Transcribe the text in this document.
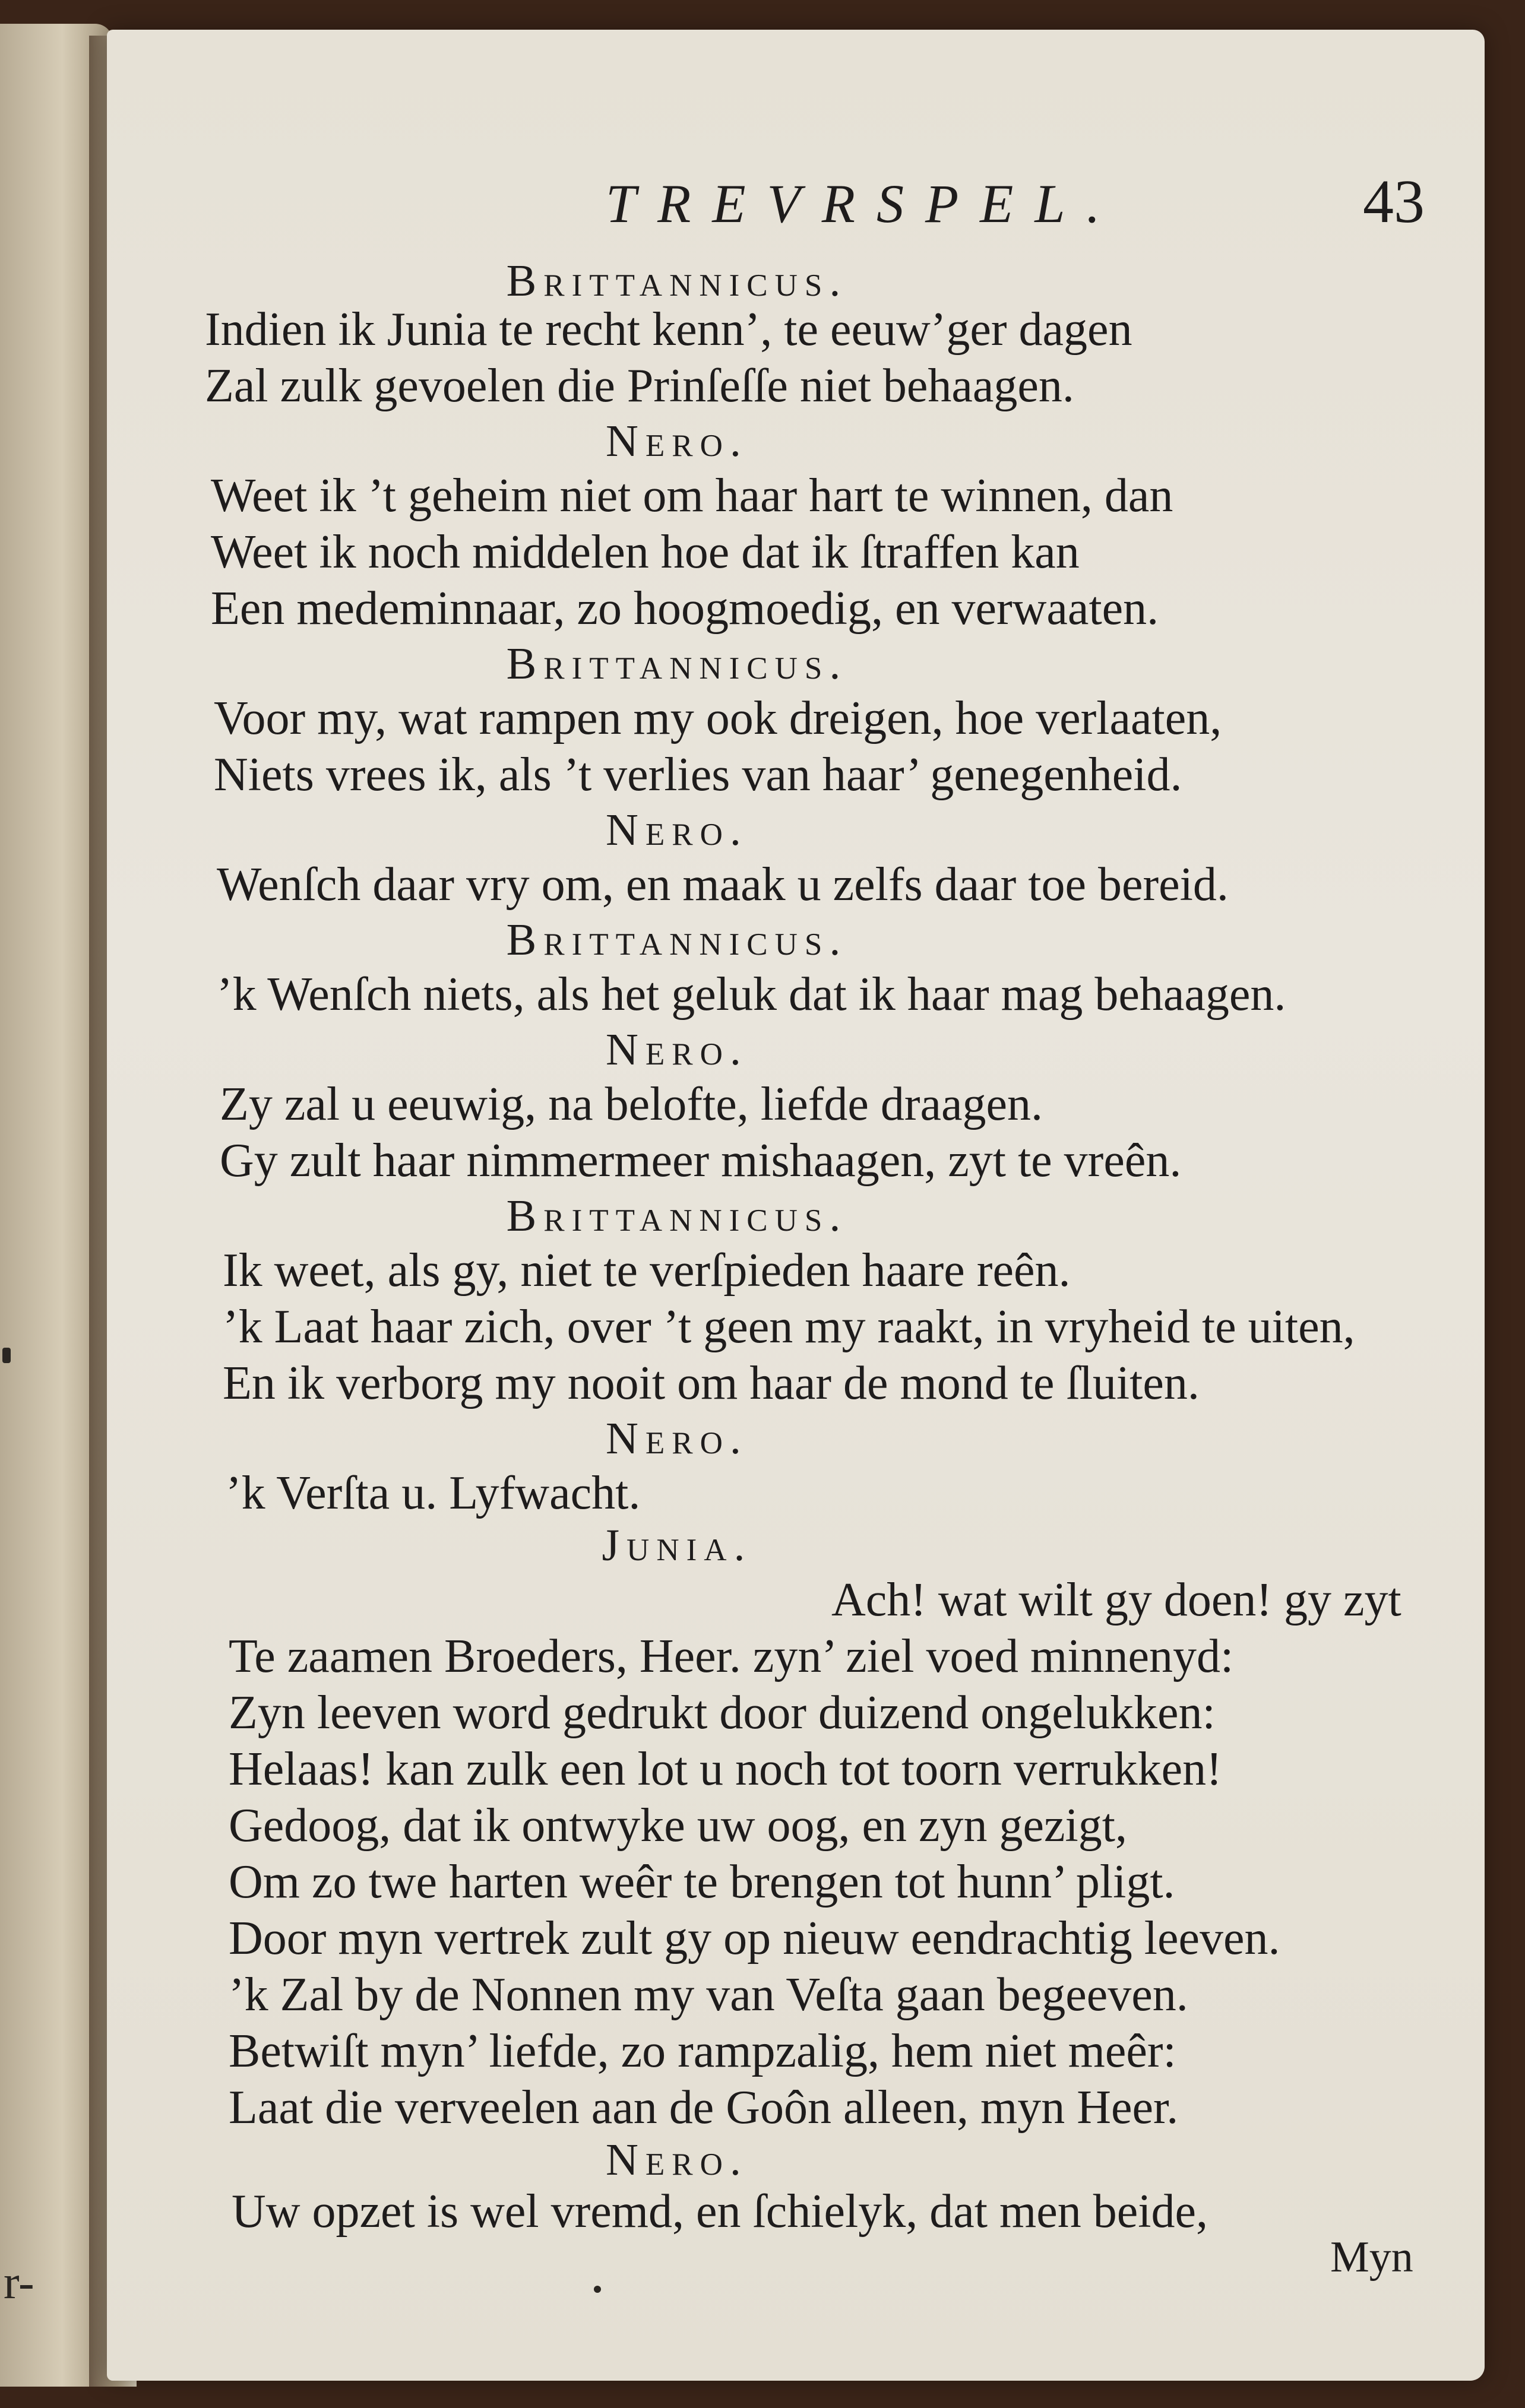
r-
TREVRSPEL.	43
Brittannicus.
Indien ik Junia te recht kenn’, te eeuw’ger dagen
Zal zulk gevoelen die Prinſeſſe niet behaagen.
Nero.
Weet ik ’t geheim niet om haar hart te winnen, dan
Weet ik noch middelen hoe dat ik ſtraffen kan
Een medeminnaar, zo hoogmoedig, en verwaaten.
Brittannicus.
Voor my, wat rampen my ook dreigen, hoe verlaaten,
Niets vrees ik, als ’t verlies van haar’ genegenheid.
Nero.
Wenſch daar vry om, en maak u zelfs daar toe bereid.
Brittannicus.
’k Wenſch niets, als het geluk dat ik haar mag behaagen.
Nero.
Zy zal u eeuwig, na belofte, liefde draagen.
Gy zult haar nimmermeer mishaagen, zyt te vreên.
Brittannicus.
Ik weet, als gy, niet te verſpieden haare reên.
’k Laat haar zich, over ’t geen my raakt, in vryheid te uiten,
En ik verborg my nooit om haar de mond te ſluiten.
Nero.
’k Verſta u. Lyfwacht.
Junia.
Ach! wat wilt gy doen! gy zyt
Te zaamen Broeders, Heer. zyn’ ziel voed minnenyd:
Zyn leeven word gedrukt door duizend ongelukken:
Helaas! kan zulk een lot u noch tot toorn verrukken!
Gedoog, dat ik ontwyke uw oog, en zyn gezigt,
Om zo twe harten weêr te brengen tot hunn’ pligt.
Door myn vertrek zult gy op nieuw eendrachtig leeven.
’k Zal by de Nonnen my van Veſta gaan begeeven.
Betwiſt myn’ liefde, zo rampzalig, hem niet meêr:
Laat die verveelen aan de Goôn alleen, myn Heer.
Nero.
Uw opzet is wel vremd, en ſchielyk, dat men beide,
Myn
